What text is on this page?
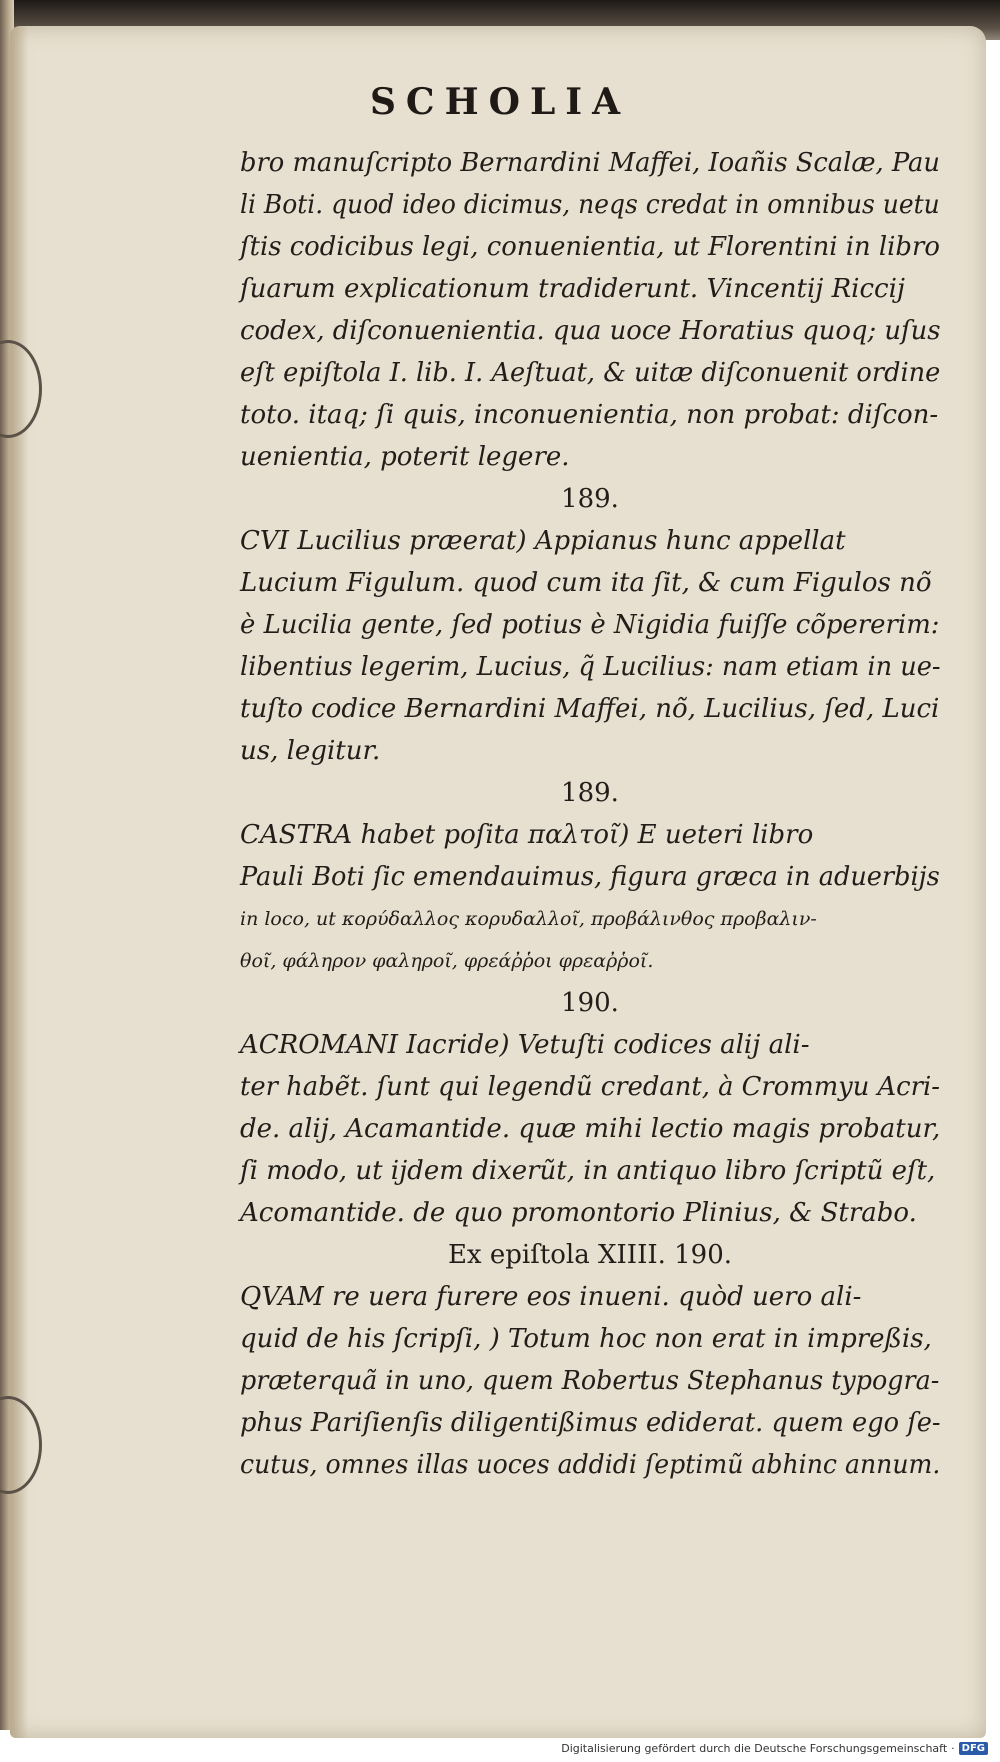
SCHOLIA
bro manuſcripto Bernardini Maffei, Ioañis Scalæ, Pau
li Boti. quod ideo dicimus, neqs credat in omnibus uetu
ſtis codicibus legi, conuenientia, ut Florentini in libro
ſuarum explicationum tradiderunt. Vincentij Riccij
codex, diſconuenientia. qua uoce Horatius quoq; uſus
eſt epiſtola I. lib. I. Aeſtuat, & uitæ diſconuenit ordine
toto. itaq; ſi quis, inconuenientia, non probat: diſcon-
uenientia, poterit legere.
189.
CVI Lucilius præerat) Appianus hunc appellat
Lucium Figulum. quod cum ita ſit, & cum Figulos nõ
è Lucilia gente, ſed potius è Nigidia fuiſſe cõpererim:
libentius legerim, Lucius, q̃ Lucilius: nam etiam in ue-
tuſto codice Bernardini Maffei, nõ, Lucilius, ſed, Luci
us, legitur.
189.
CASTRA habet poſita παλτοῖ) E ueteri libro
Pauli Boti ſic emendauimus, figura græca in aduerbijs
in loco, ut κορύδαλλος κορυδαλλοῖ, προβάλινθος προβαλιν-
θοῖ, φάληρον φαληροῖ, φρεάῤῥοι φρεαῤῥοῖ.
190.
ACROMANI Iacride) Vetuſti codices alij ali-
ter habẽt. ſunt qui legendũ credant, à Crommyu Acri-
de. alij, Acamantide. quæ mihi lectio magis probatur,
ſi modo, ut ijdem dixerũt, in antiquo libro ſcriptũ eſt,
Acomantide. de quo promontorio Plinius, & Strabo.
Ex epiſtola XIIII. 190.
QVAM re uera furere eos inueni. quòd uero ali-
quid de his ſcripſi, ) Totum hoc non erat in impreßis,
præterquã in uno, quem Robertus Stephanus typogra-
phus Pariſienſis diligentißimus ediderat. quem ego ſe-
cutus, omnes illas uoces addidi ſeptimũ abhinc annum.
Digitalisierung gefördert durch die Deutsche Forschungsgemeinschaft · DFG
